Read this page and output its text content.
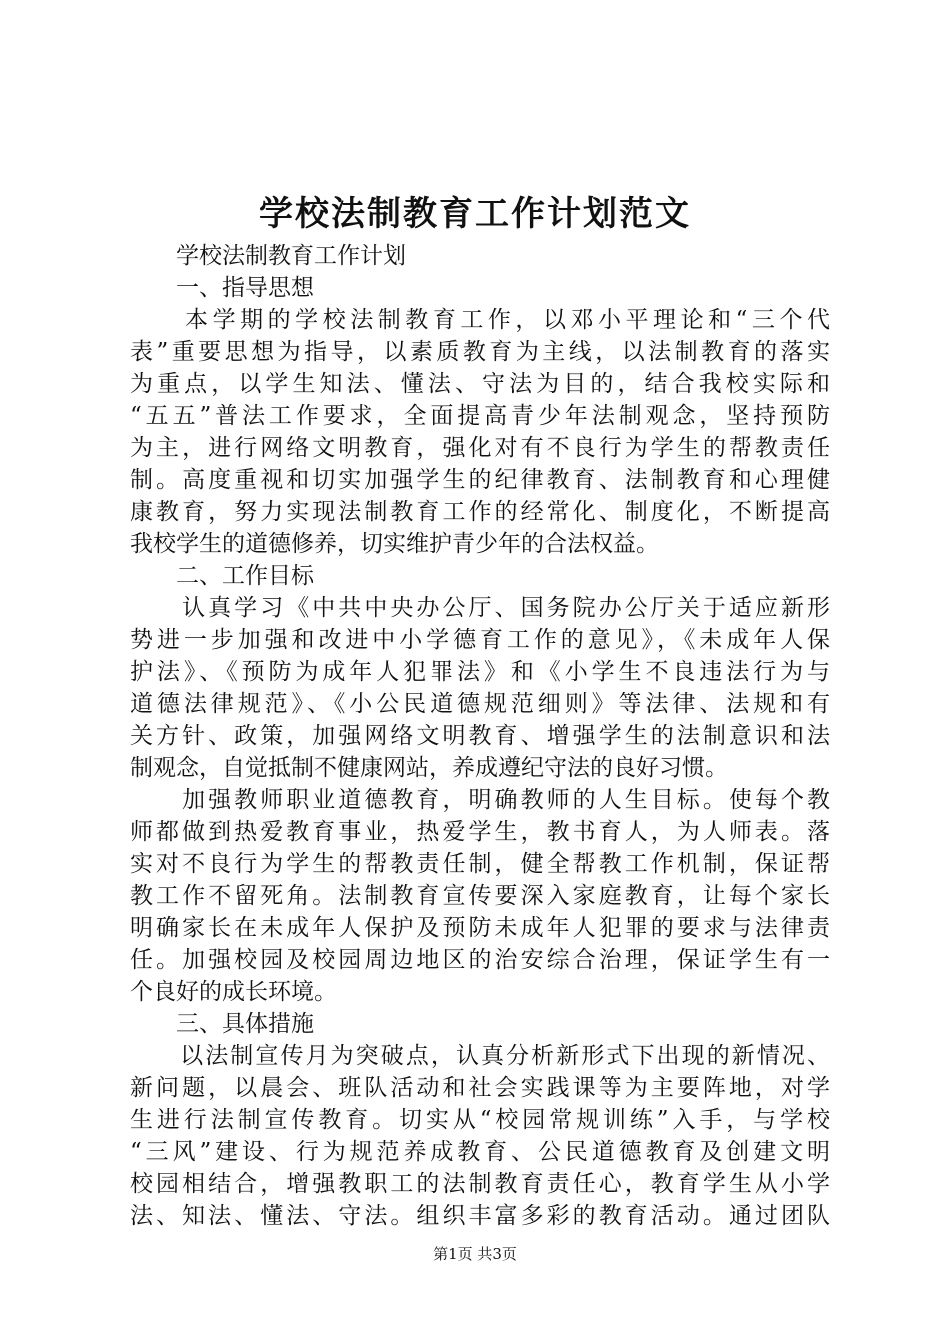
学校法制教育工作计划范文
　　学校法制教育工作计划
　　一、指导思想
　　本学期的学校法制教育工作，以邓小平理论和“三个代
表”重要思想为指导，以素质教育为主线，以法制教育的落实
为重点，以学生知法、懂法、守法为目的，结合我校实际和
“五五”普法工作要求，全面提高青少年法制观念，坚持预防
为主，进行网络文明教育，强化对有不良行为学生的帮教责任
制。高度重视和切实加强学生的纪律教育、法制教育和心理健
康教育，努力实现法制教育工作的经常化、制度化，不断提高
我校学生的道德修养，切实维护青少年的合法权益。
　　二、工作目标
　　认真学习《中共中央办公厅、国务院办公厅关于适应新形
势进一步加强和改进中小学德育工作的意见》，《未成年人保
护法》、《预防为成年人犯罪法》和《小学生不良违法行为与
道德法律规范》、《小公民道德规范细则》等法律、法规和有
关方针、政策，加强网络文明教育、增强学生的法制意识和法
制观念，自觉抵制不健康网站，养成遵纪守法的良好习惯。
　　加强教师职业道德教育，明确教师的人生目标。使每个教
师都做到热爱教育事业，热爱学生，教书育人，为人师表。落
实对不良行为学生的帮教责任制，健全帮教工作机制，保证帮
教工作不留死角。法制教育宣传要深入家庭教育，让每个家长
明确家长在未成年人保护及预防未成年人犯罪的要求与法律责
任。加强校园及校园周边地区的治安综合治理，保证学生有一
个良好的成长环境。
　　三、具体措施
　　以法制宣传月为突破点，认真分析新形式下出现的新情况、
新问题，以晨会、班队活动和社会实践课等为主要阵地，对学
生进行法制宣传教育。切实从“校园常规训练”入手，与学校
“三风”建设、行为规范养成教育、公民道德教育及创建文明
校园相结合，增强教职工的法制教育责任心，教育学生从小学
法、知法、懂法、守法。组织丰富多彩的教育活动。通过团队
第1页 共3页
